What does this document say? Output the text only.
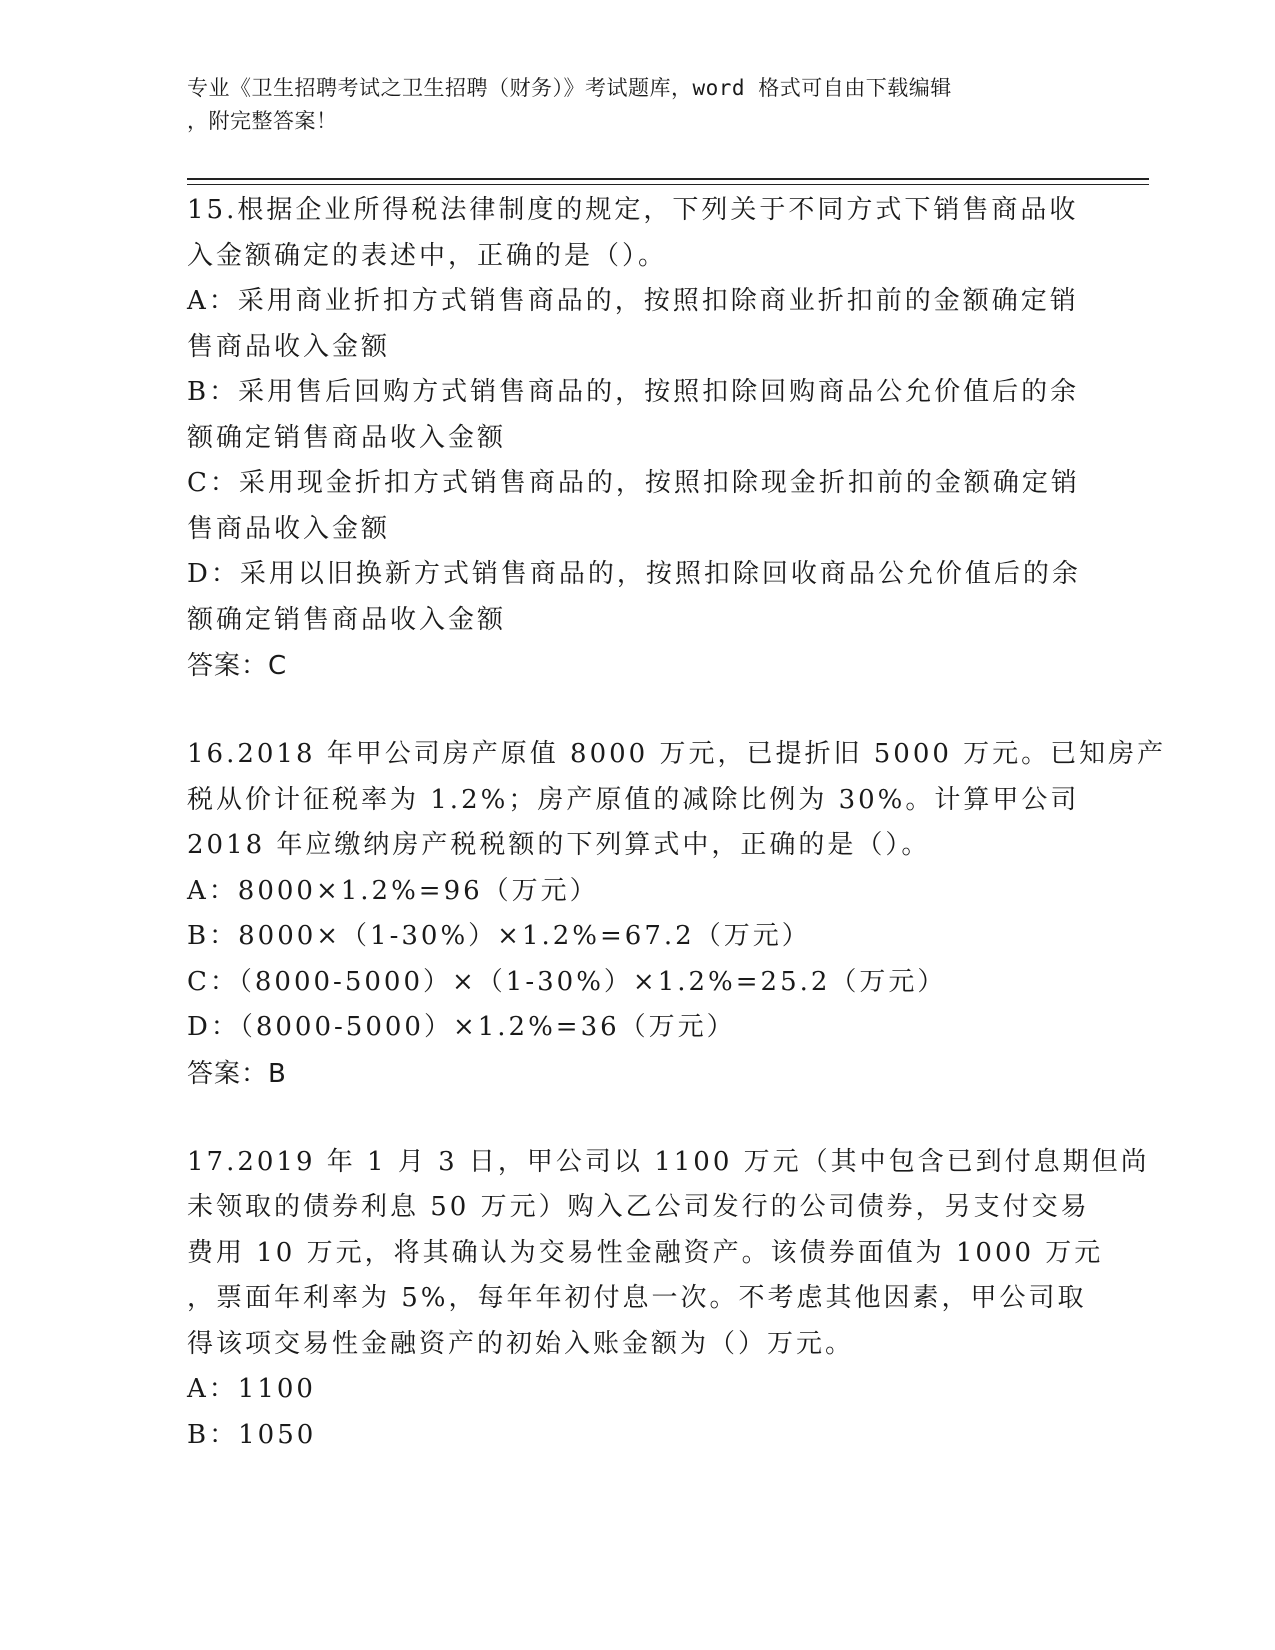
专业《卫生招聘考试之卫生招聘（财务）》考试题库，word 格式可自由下载编辑
，附完整答案！
15.根据企业所得税法律制度的规定，下列关于不同方式下销售商品收
入金额确定的表述中，正确的是（）。
A：采用商业折扣方式销售商品的，按照扣除商业折扣前的金额确定销
售商品收入金额
B：采用售后回购方式销售商品的，按照扣除回购商品公允价值后的余
额确定销售商品收入金额
C：采用现金折扣方式销售商品的，按照扣除现金折扣前的金额确定销
售商品收入金额
D：采用以旧换新方式销售商品的，按照扣除回收商品公允价值后的余
额确定销售商品收入金额
答案：C
16.2018 年甲公司房产原值 8000 万元，已提折旧 5000 万元。已知房产
税从价计征税率为 1.2%；房产原值的减除比例为 30%。计算甲公司
2018 年应缴纳房产税税额的下列算式中，正确的是（）。
A：8000×1.2%=96（万元）
B：8000×（1-30%）×1.2%=67.2（万元）
C：（8000-5000）×（1-30%）×1.2%=25.2（万元）
D：（8000-5000）×1.2%=36（万元）
答案：B
17.2019 年 1 月 3 日，甲公司以 1100 万元（其中包含已到付息期但尚
未领取的债券利息 50 万元）购入乙公司发行的公司债券，另支付交易
费用 10 万元，将其确认为交易性金融资产。该债券面值为 1000 万元
，票面年利率为 5%，每年年初付息一次。不考虑其他因素，甲公司取
得该项交易性金融资产的初始入账金额为（）万元。
A：1100
B：1050
